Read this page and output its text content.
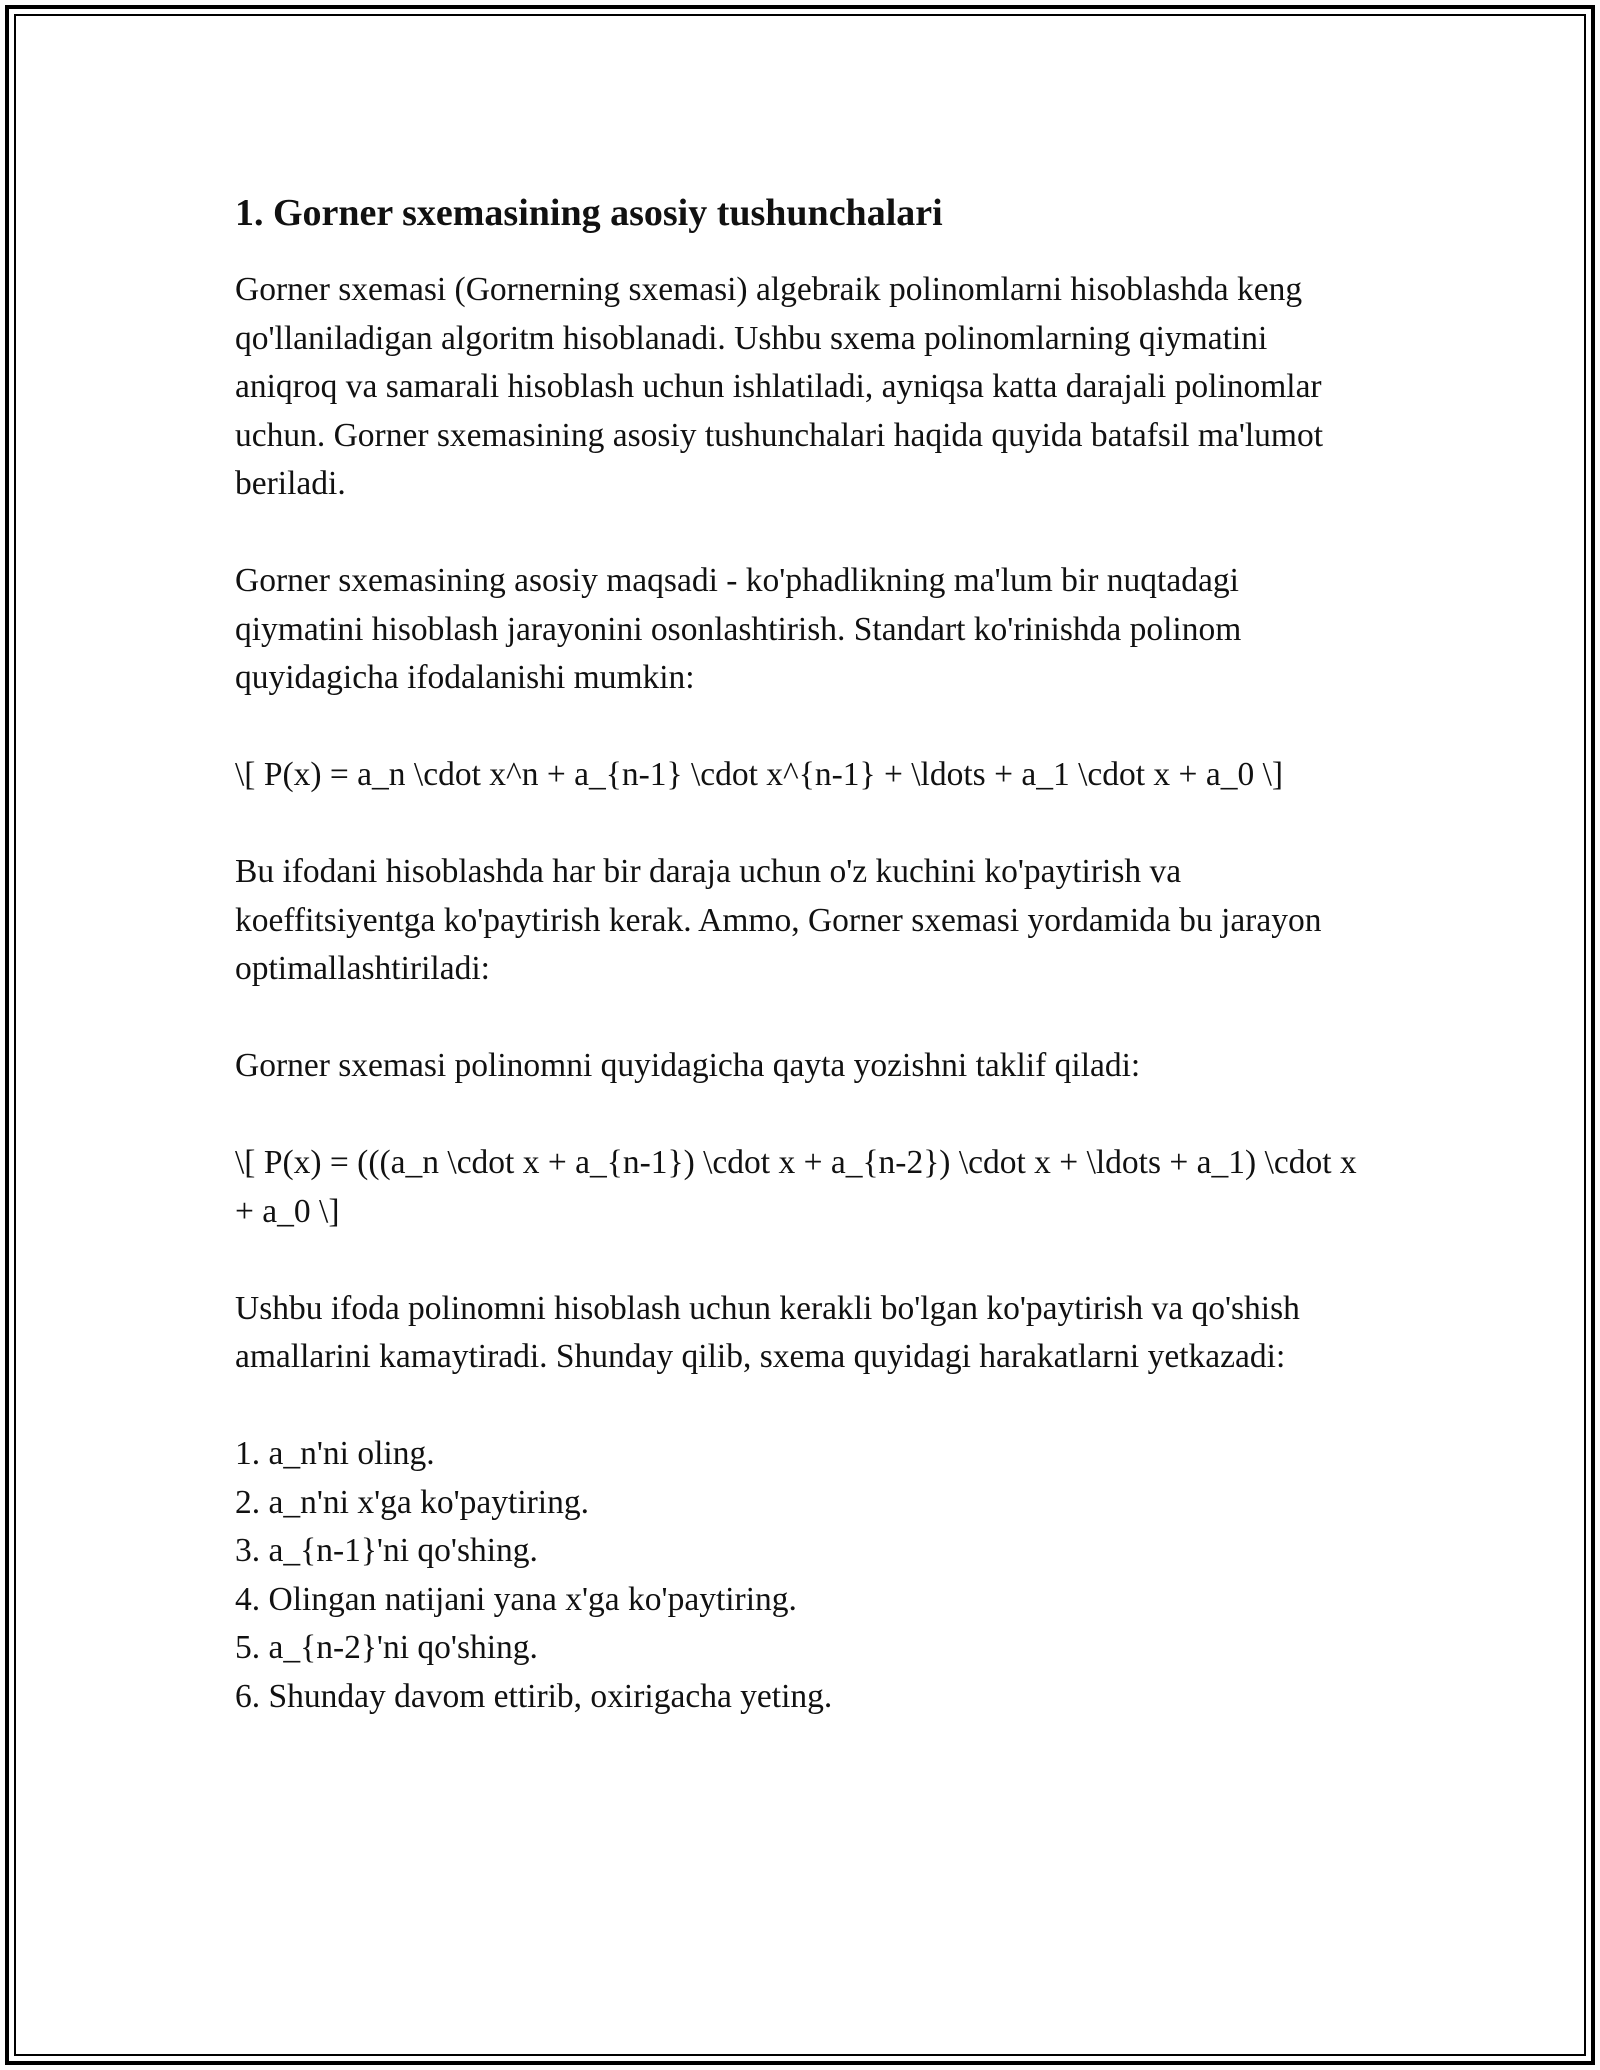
1. Gorner sxemasining asosiy tushunchalari

Gorner sxemasi (Gornerning sxemasi) algebraik polinomlarni hisoblashda keng qo'llaniladigan algoritm hisoblanadi. Ushbu sxema polinomlarning qiymatini aniqroq va samarali hisoblash uchun ishlatiladi, ayniqsa katta darajali polinomlar uchun. Gorner sxemasining asosiy tushunchalari haqida quyida batafsil ma'lumot beriladi.

Gorner sxemasining asosiy maqsadi - ko'phadlikning ma'lum bir nuqtadagi qiymatini hisoblash jarayonini osonlashtirish. Standart ko'rinishda polinom quyidagicha ifodalanishi mumkin:

\[ P(x) = a_n \cdot x^n + a_{n-1} \cdot x^{n-1} + \ldots + a_1 \cdot x + a_0 \]

Bu ifodani hisoblashda har bir daraja uchun o'z kuchini ko'paytirish va koeffitsiyentga ko'paytirish kerak. Ammo, Gorner sxemasi yordamida bu jarayon optimallashtiriladi:

Gorner sxemasi polinomni quyidagicha qayta yozishni taklif qiladi:

\[ P(x) = (((a_n \cdot x + a_{n-1}) \cdot x + a_{n-2}) \cdot x + \ldots + a_1) \cdot x + a_0 \]

Ushbu ifoda polinomni hisoblash uchun kerakli bo'lgan ko'paytirish va qo'shish amallarini kamaytiradi. Shunday qilib, sxema quyidagi harakatlarni yetkazadi:

1. a_n'ni oling.
2. a_n'ni x'ga ko'paytiring.
3. a_{n-1}'ni qo'shing.
4. Olingan natijani yana x'ga ko'paytiring.
5. a_{n-2}'ni qo'shing.
6. Shunday davom ettirib, oxirigacha yeting.
